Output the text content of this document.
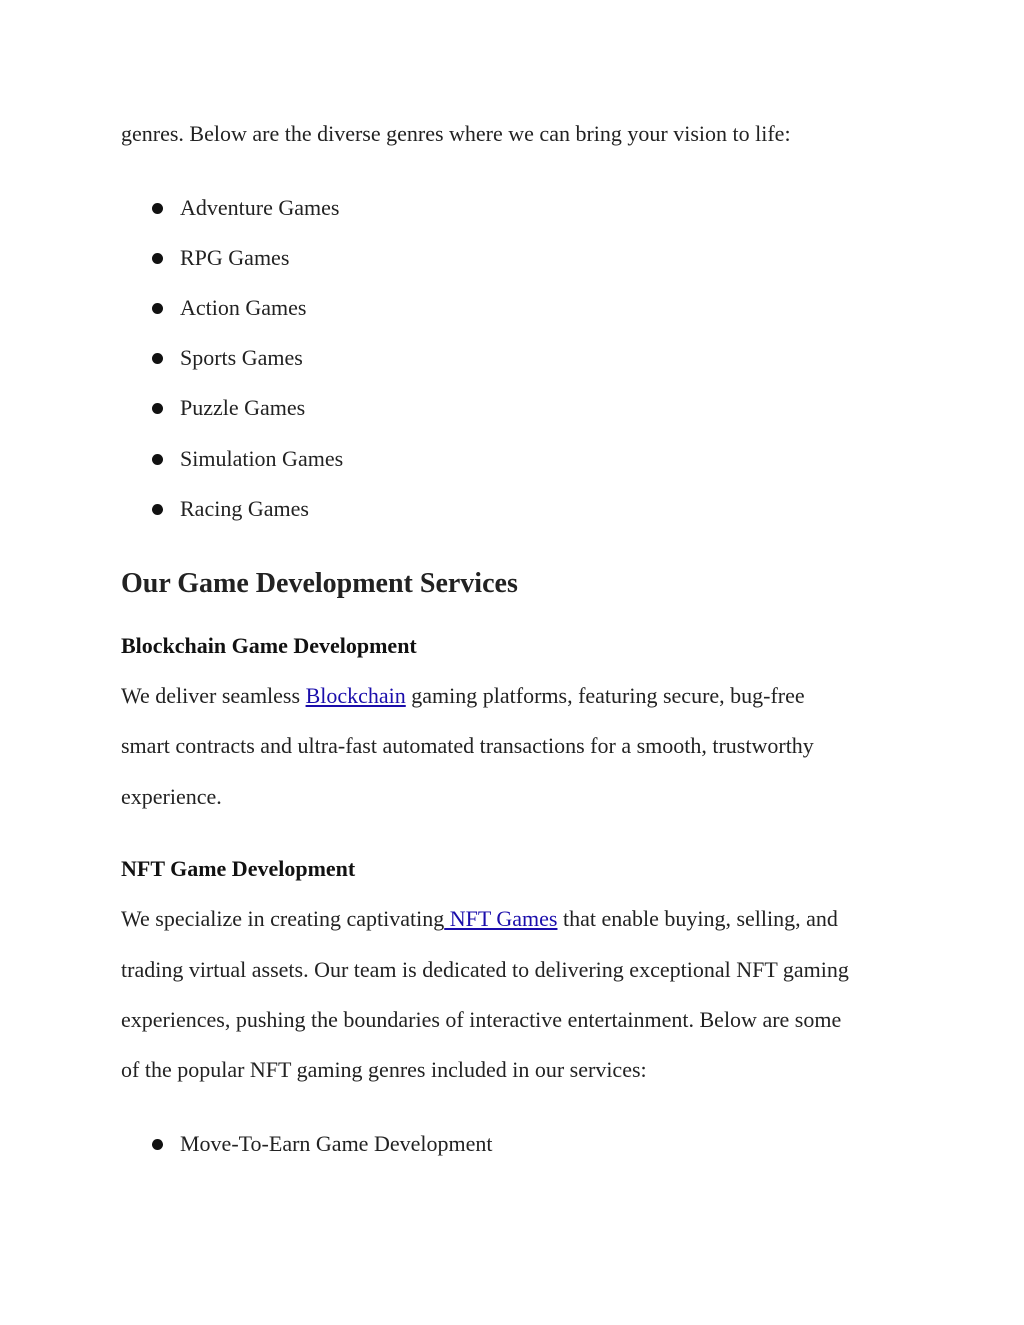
genres. Below are the diverse genres where we can bring your vision to life:
Adventure Games
RPG Games
Action Games
Sports Games
Puzzle Games
Simulation Games
Racing Games
Our Game Development Services
Blockchain Game Development
We deliver seamless Blockchain gaming platforms, featuring secure, bug-free
smart contracts and ultra-fast automated transactions for a smooth, trustworthy
experience.
NFT Game Development
We specialize in creating captivating NFT Games that enable buying, selling, and
trading virtual assets. Our team is dedicated to delivering exceptional NFT gaming
experiences, pushing the boundaries of interactive entertainment. Below are some
of the popular NFT gaming genres included in our services:
Move-To-Earn Game Development
